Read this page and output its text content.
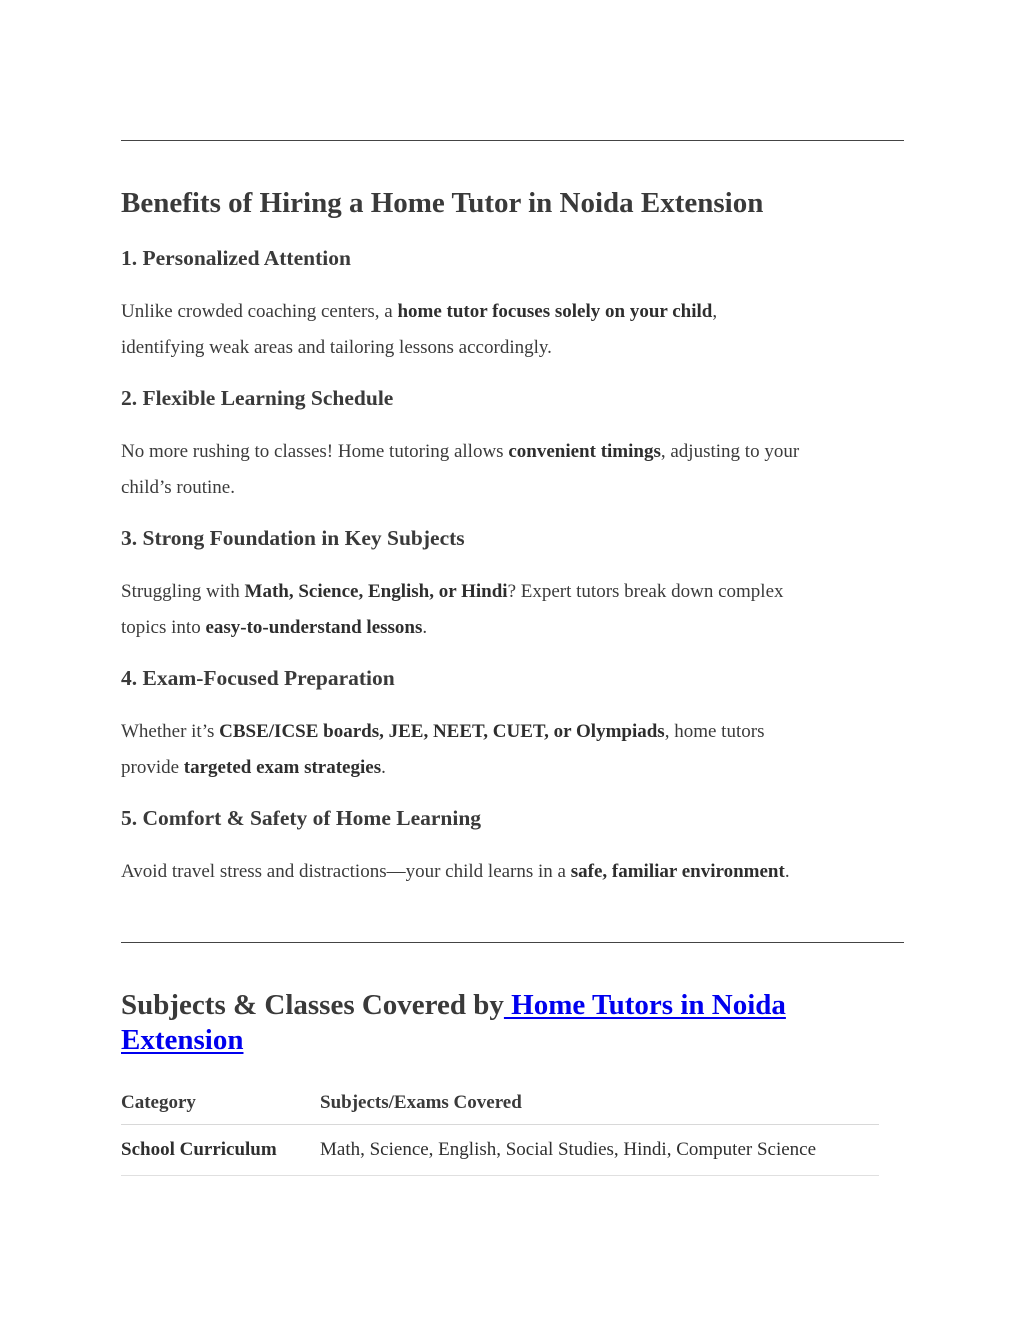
Benefits of Hiring a Home Tutor in Noida Extension
1. Personalized Attention

Unlike crowded coaching centers, a home tutor focuses solely on your child,
identifying weak areas and tailoring lessons accordingly.

2. Flexible Learning Schedule

No more rushing to classes! Home tutoring allows convenient timings, adjusting to your
child’s routine.

3. Strong Foundation in Key Subjects

Struggling with Math, Science, English, or Hindi? Expert tutors break down complex
topics into easy-to-understand lessons.

4. Exam-Focused Preparation

Whether it’s CBSE/ICSE boards, JEE, NEET, CUET, or Olympiads, home tutors
provide targeted exam strategies.

5. Comfort & Safety of Home Learning

Avoid travel stress and distractions—your child learns in a safe, familiar environment.

Subjects & Classes Covered by Home Tutors in Noida Extension
Category	Subjects/Exams Covered
School Curriculum	Math, Science, English, Social Studies, Hindi, Computer Science
